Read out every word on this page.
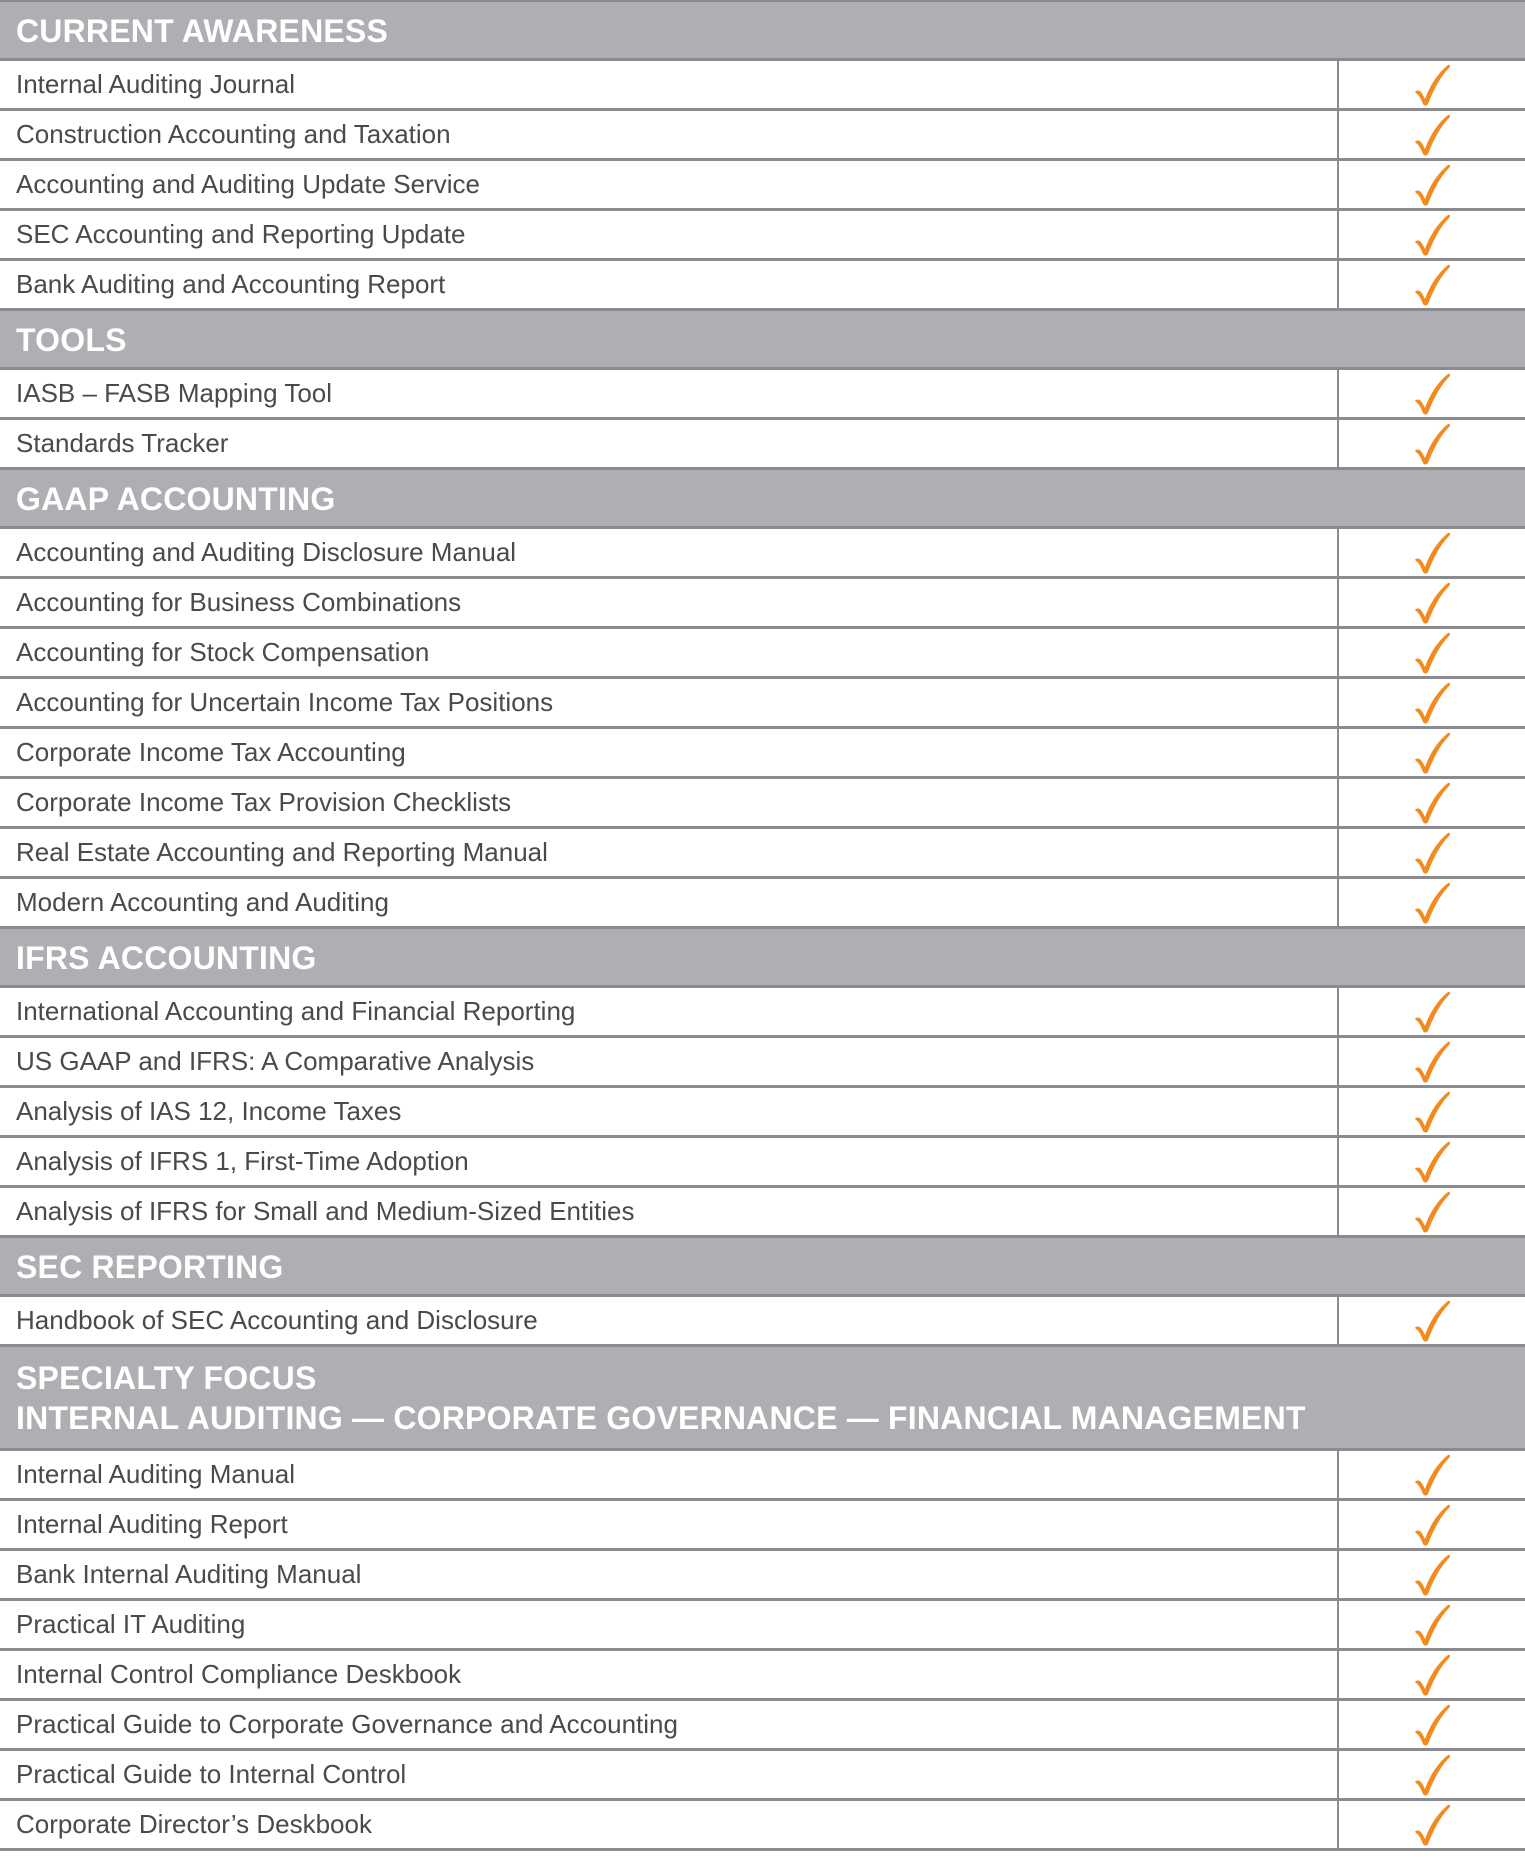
CURRENT AWARENESS
Internal Auditing Journal
Construction Accounting and Taxation
Accounting and Auditing Update Service
SEC Accounting and Reporting Update
Bank Auditing and Accounting Report
TOOLS
IASB – FASB Mapping Tool
Standards Tracker
GAAP ACCOUNTING
Accounting and Auditing Disclosure Manual
Accounting for Business Combinations
Accounting for Stock Compensation
Accounting for Uncertain Income Tax Positions
Corporate Income Tax Accounting
Corporate Income Tax Provision Checklists
Real Estate Accounting and Reporting Manual
Modern Accounting and Auditing
IFRS ACCOUNTING
International Accounting and Financial Reporting
US GAAP and IFRS: A Comparative Analysis
Analysis of IAS 12, Income Taxes
Analysis of IFRS 1, First-Time Adoption
Analysis of IFRS for Small and Medium-Sized Entities
SEC REPORTING
Handbook of SEC Accounting and Disclosure
SPECIALTY FOCUS
INTERNAL AUDITING — CORPORATE GOVERNANCE — FINANCIAL MANAGEMENT
Internal Auditing Manual
Internal Auditing Report
Bank Internal Auditing Manual
Practical IT Auditing
Internal Control Compliance Deskbook
Practical Guide to Corporate Governance and Accounting
Practical Guide to Internal Control
Corporate Director’s Deskbook
